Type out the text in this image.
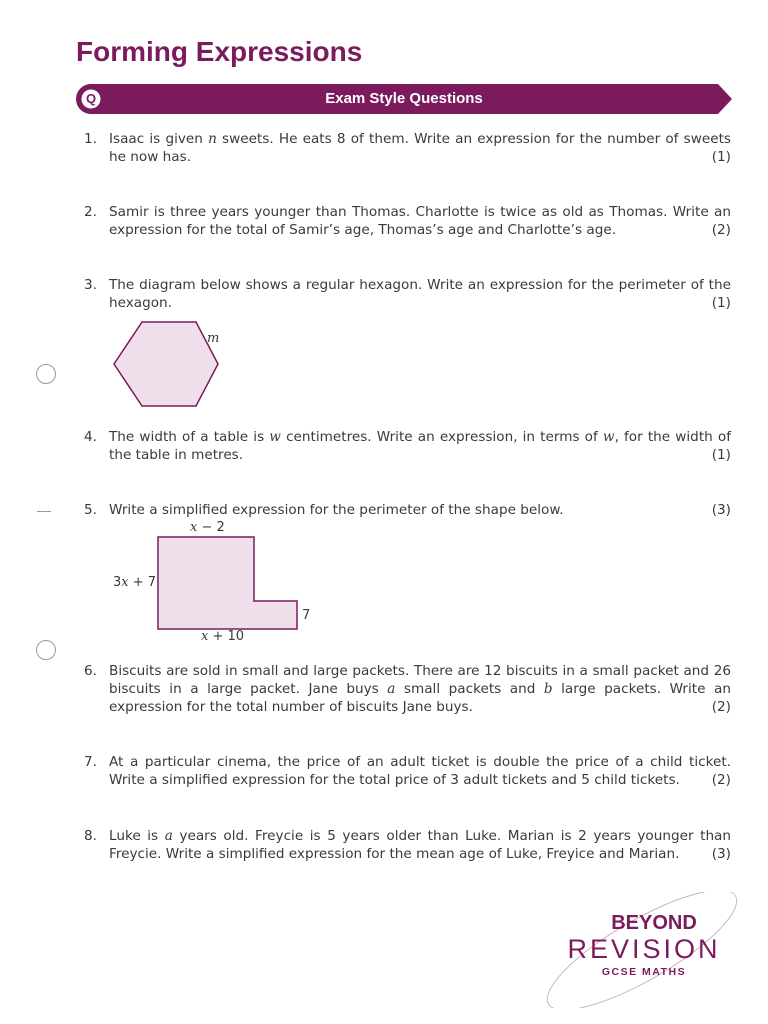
Forming Expressions
Q	Exam Style Questions
1. Isaac is given n sweets. He eats 8 of them. Write an expression for the number of sweets he now has.	(1)
2. Samir is three years younger than Thomas. Charlotte is twice as old as Thomas. Write an expression for the total of Samir’s age, Thomas’s age and Charlotte’s age.	(2)
3. The diagram below shows a regular hexagon. Write an expression for the perimeter of the hexagon.	(1)
4. The width of a table is w centimetres. Write an expression, in terms of w, for the width of the table in metres.	(1)
5. Write a simplified expression for the perimeter of the shape below.	(3)
6. Biscuits are sold in small and large packets. There are 12 biscuits in a small packet and 26 biscuits in a large packet. Jane buys a small packets and b large packets. Write an expression for the total number of biscuits Jane buys.	(2)
7. At a particular cinema, the price of an adult ticket is double the price of a child ticket. Write a simplified expression for the total price of 3 adult tickets and 5 child tickets. (2)
8. Luke is a years old. Freycie is 5 years older than Luke. Marian is 2 years younger than Freycie. Write a simplified expression for the mean age of Luke, Freyice and Marian. (3)
m
x − 2
3x + 7
7
x + 10
BEYOND
REVISION
GCSE MATHS
